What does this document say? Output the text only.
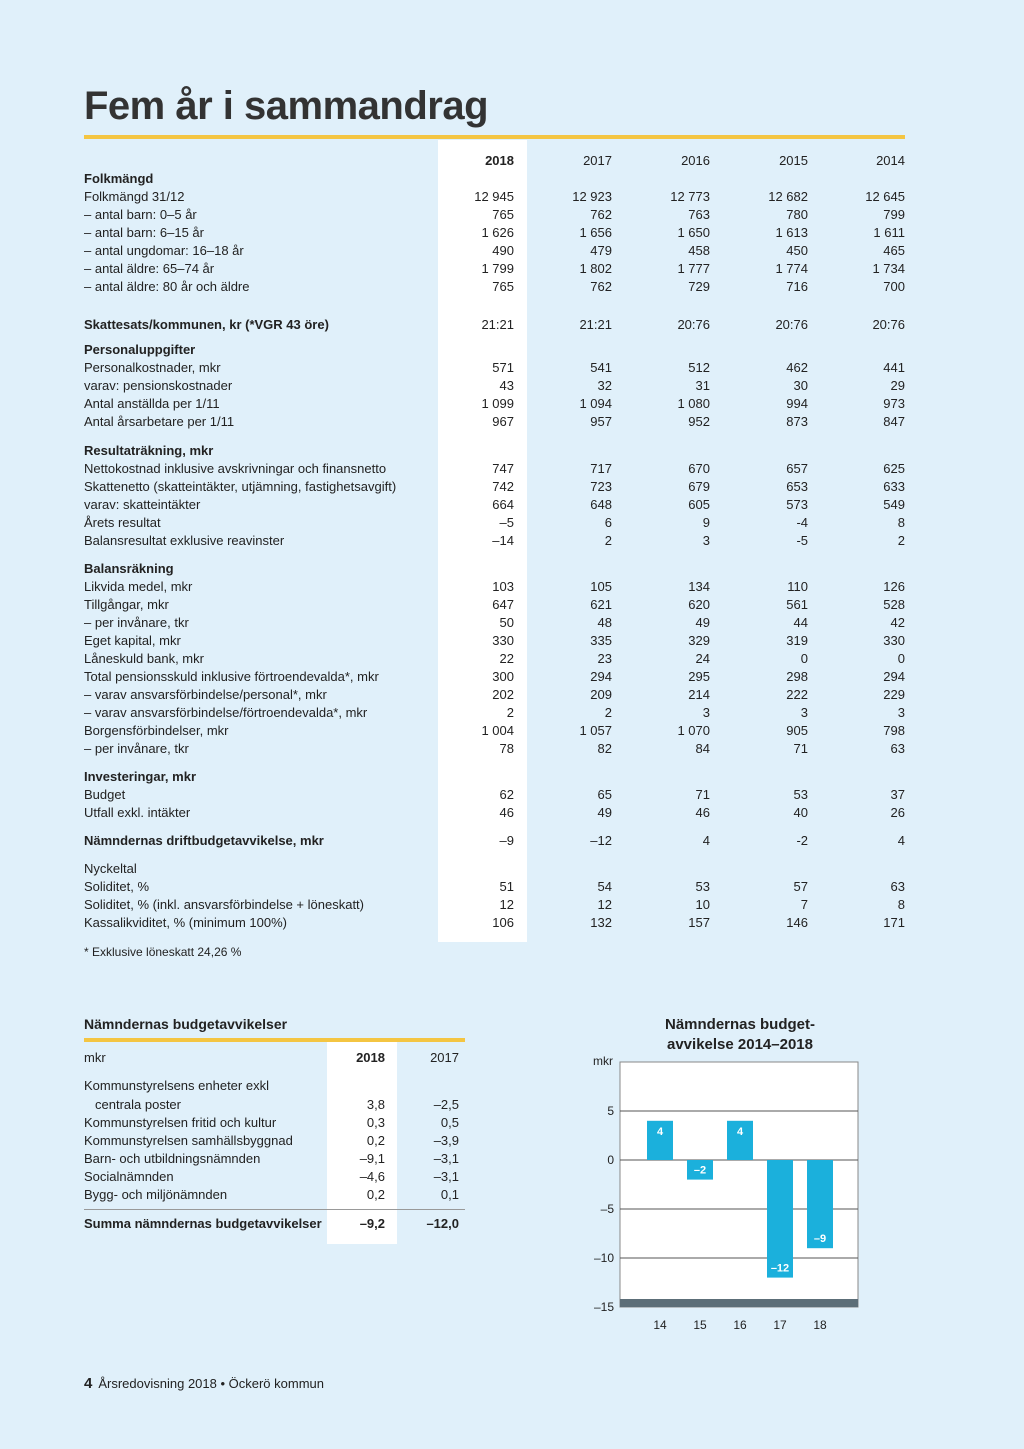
Fem år i sammandrag
2018	2017	2016	2015	2014
Folkmängd
Folkmängd 31/12	12 945	12 923	12 773	12 682	12 645
– antal barn: 0–5 år	765	762	763	780	799
– antal barn: 6–15 år	1 626	1 656	1 650	1 613	1 611
– antal ungdomar: 16–18 år	490	479	458	450	465
– antal äldre: 65–74 år	1 799	1 802	1 777	1 774	1 734
– antal äldre: 80 år och äldre	765	762	729	716	700
Skattesats/kommunen, kr (*VGR 43 öre)	21:21	21:21	20:76	20:76	20:76
Personaluppgifter
Personalkostnader, mkr	571	541	512	462	441
varav: pensionskostnader	43	32	31	30	29
Antal anställda per 1/11	1 099	1 094	1 080	994	973
Antal årsarbetare per 1/11	967	957	952	873	847
Resultaträkning, mkr
Nettokostnad inklusive avskrivningar och finansnetto	747	717	670	657	625
Skattenetto (skatteintäkter, utjämning, fastighetsavgift)	742	723	679	653	633
varav: skatteintäkter	664	648	605	573	549
Årets resultat	–5	6	9	-4	8
Balansresultat exklusive reavinster	–14	2	3	-5	2
Balansräkning
Likvida medel, mkr	103	105	134	110	126
Tillgångar, mkr	647	621	620	561	528
– per invånare, tkr	50	48	49	44	42
Eget kapital, mkr	330	335	329	319	330
Låneskuld bank, mkr	22	23	24	0	0
Total pensionsskuld inklusive förtroendevalda*, mkr	300	294	295	298	294
– varav ansvarsförbindelse/personal*, mkr	202	209	214	222	229
– varav ansvarsförbindelse/förtroendevalda*, mkr	2	2	3	3	3
Borgensförbindelser, mkr	1 004	1 057	1 070	905	798
– per invånare, tkr	78	82	84	71	63
Investeringar, mkr
Budget	62	65	71	53	37
Utfall exkl. intäkter	46	49	46	40	26
Nämndernas driftbudgetavvikelse, mkr	–9	–12	4	-2	4
Nyckeltal
Soliditet, %	51	54	53	57	63
Soliditet, % (inkl. ansvarsförbindelse + löneskatt)	12	12	10	7	8
Kassalikviditet, % (minimum 100%)	106	132	157	146	171
* Exklusive löneskatt 24,26 %
Nämndernas budgetavvikelser
mkr	2018	2017
Kommunstyrelsens enheter exkl
centrala poster	3,8	–2,5
Kommunstyrelsen fritid och kultur	0,3	0,5
Kommunstyrelsen samhällsbyggnad	0,2	–3,9
Barn- och utbildningsnämnden	–9,1	–3,1
Socialnämnden	–4,6	–3,1
Bygg- och miljönämnden	0,2	0,1
Summa nämndernas budgetavvikelser	–9,2	–12,0
Nämndernas budget-
avvikelse 2014–2018
5
0
–5
–10
–15
mkr
4
14
–2
15
4
16
–12
17
–9
18
4 Årsredovisning 2018 • Öckerö kommun
